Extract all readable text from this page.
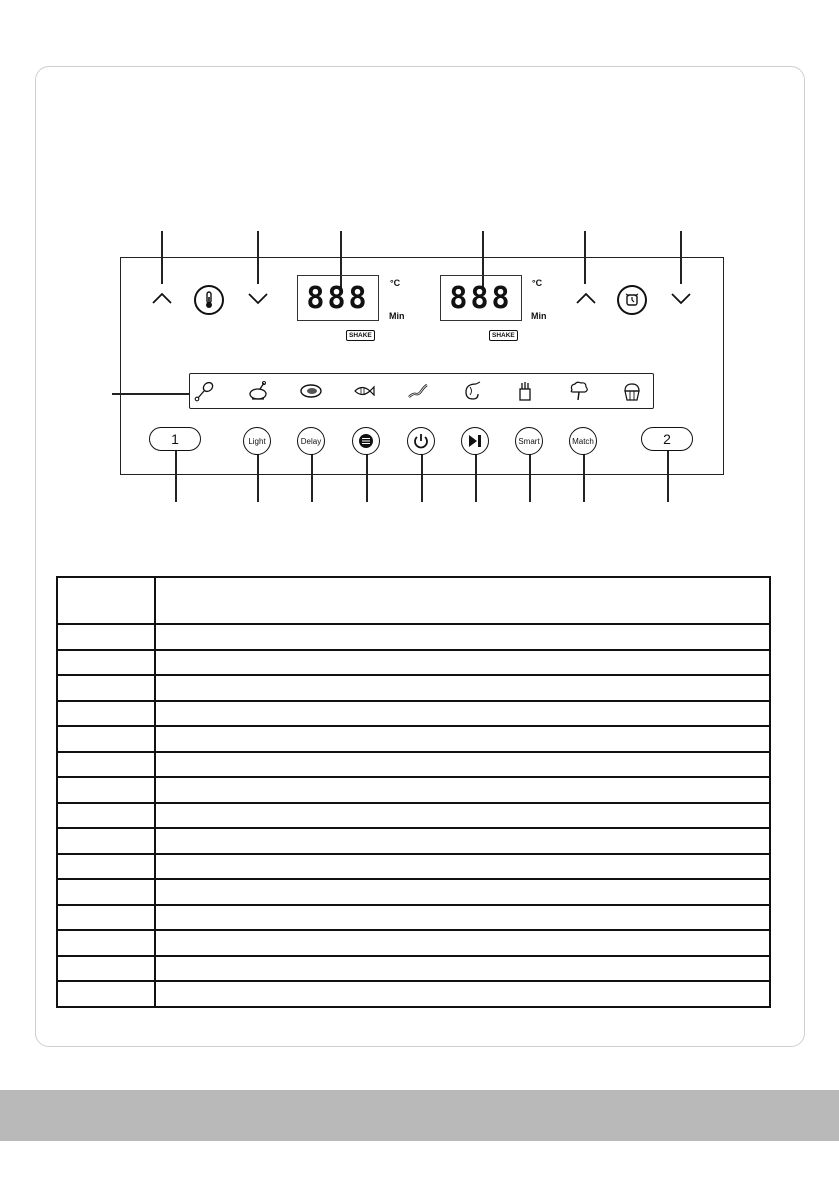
888 °C
Min
SHAKE
888 °C
Min
SHAKE
1	Light	Delay	Smart	Match	2
